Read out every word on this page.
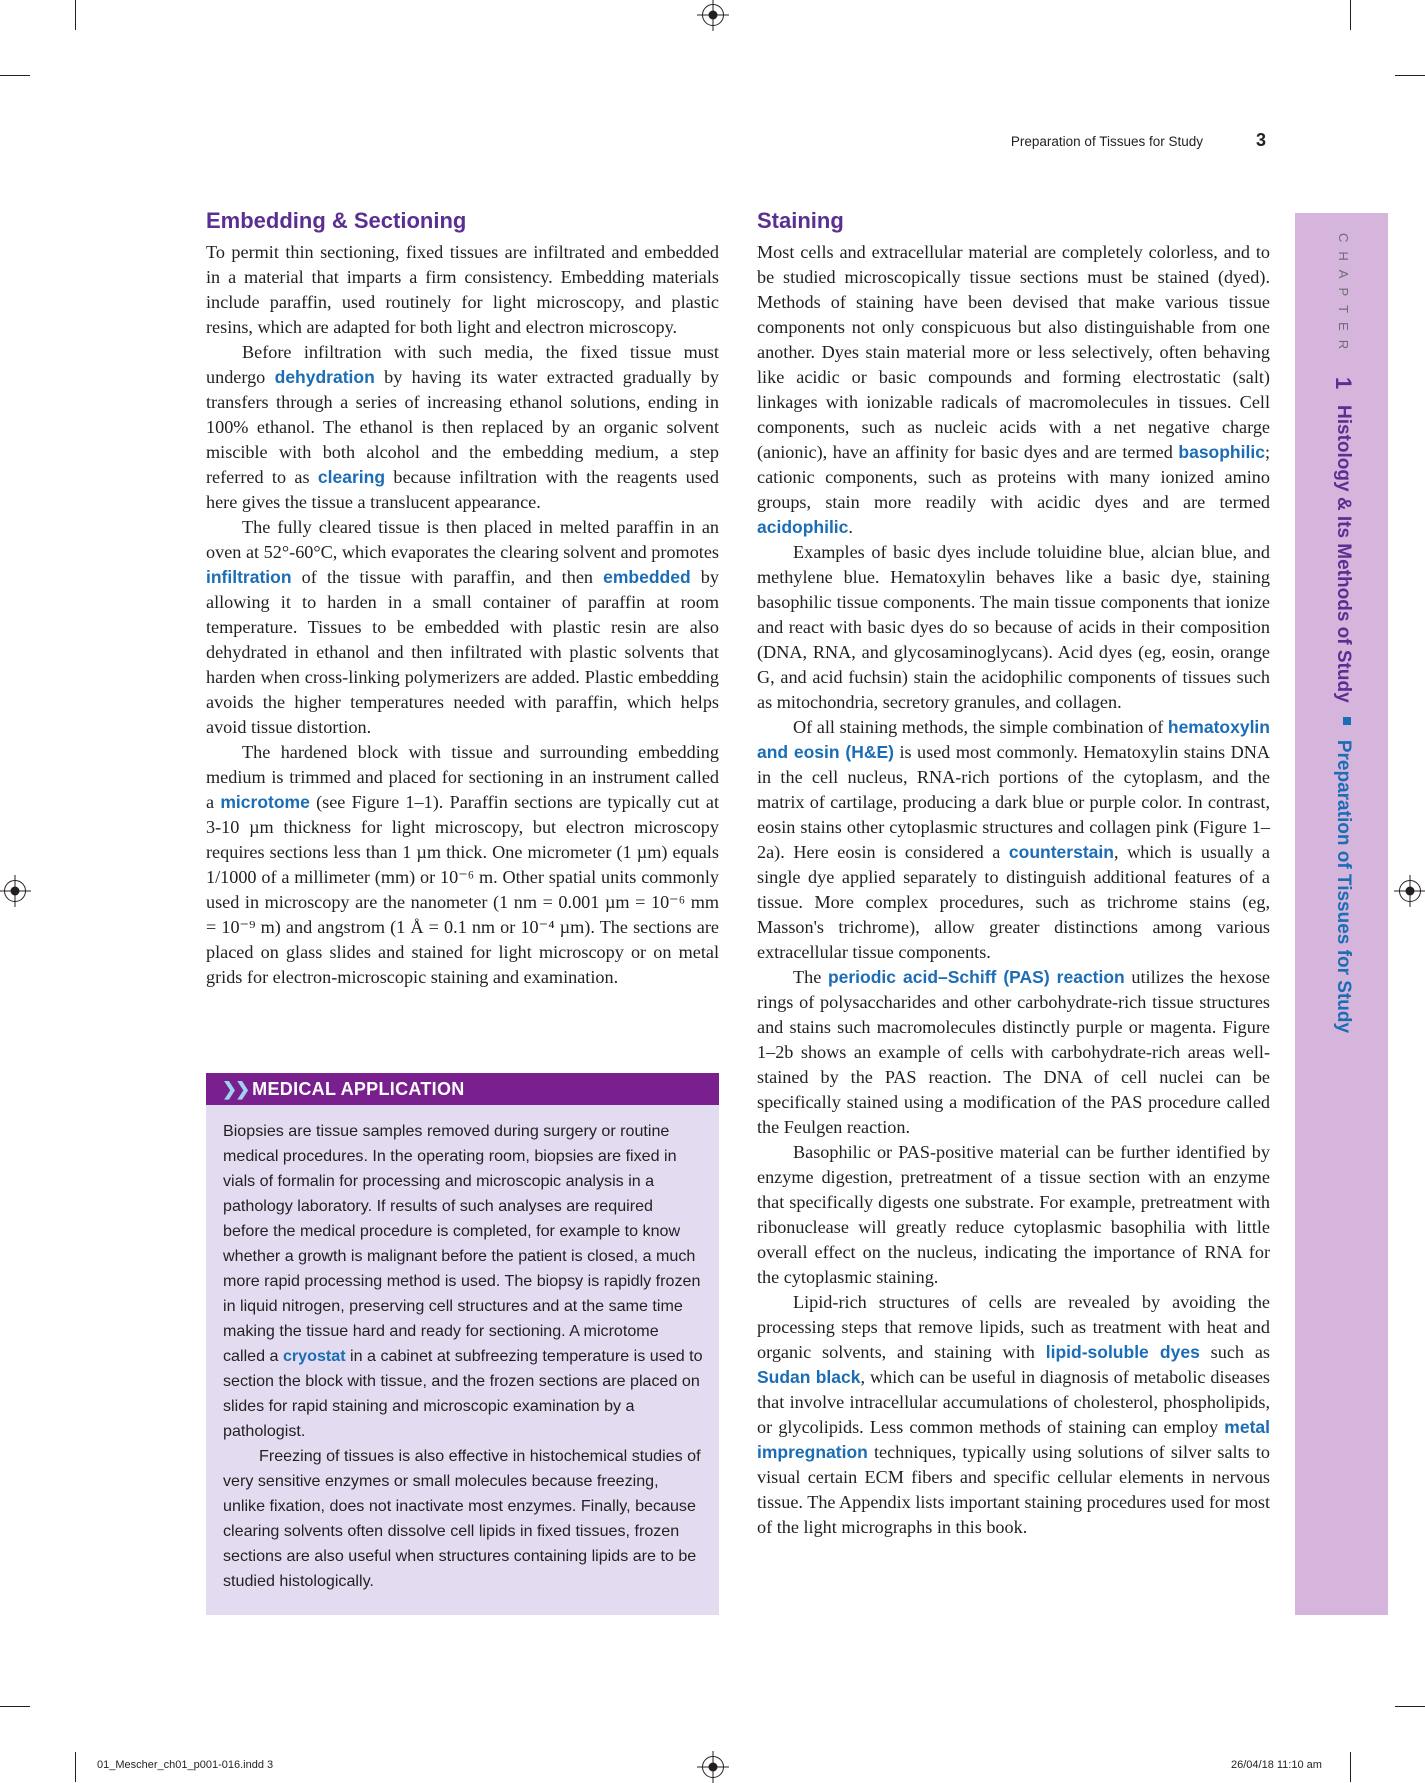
Preparation of Tissues for Study	3
Embedding & Sectioning

To permit thin sectioning, fixed tissues are infiltrated and embedded in a material that imparts a firm consistency. Embedding materials include paraffin, used routinely for light microscopy, and plastic resins, which are adapted for both light and electron microscopy.

Before infiltration with such media, the fixed tissue must undergo dehydration by having its water extracted gradually by transfers through a series of increasing ethanol solutions, ending in 100% ethanol. The ethanol is then replaced by an organic solvent miscible with both alcohol and the embedding medium, a step referred to as clearing because infiltration with the reagents used here gives the tissue a translucent appearance.

The fully cleared tissue is then placed in melted paraffin in an oven at 52°-60°C, which evaporates the clearing solvent and promotes infiltration of the tissue with paraffin, and then embedded by allowing it to harden in a small container of paraffin at room temperature. Tissues to be embedded with plastic resin are also dehydrated in ethanol and then infiltrated with plastic solvents that harden when cross-linking polymerizers are added. Plastic embedding avoids the higher temperatures needed with paraffin, which helps avoid tissue distortion.

The hardened block with tissue and surrounding embedding medium is trimmed and placed for sectioning in an instrument called a microtome (see Figure 1–1). Paraffin sections are typically cut at 3-10 µm thickness for light microscopy, but electron microscopy requires sections less than 1 µm thick. One micrometer (1 µm) equals 1/1000 of a millimeter (mm) or 10⁻⁶ m. Other spatial units commonly used in microscopy are the nanometer (1 nm = 0.001 µm = 10⁻⁶ mm = 10⁻⁹ m) and angstrom (1 Å = 0.1 nm or 10⁻⁴ µm). The sections are placed on glass slides and stained for light microscopy or on metal grids for electron-microscopic staining and examination.

❯❯ MEDICAL APPLICATION

Biopsies are tissue samples removed during surgery or routine medical procedures. In the operating room, biopsies are fixed in vials of formalin for processing and microscopic analysis in a pathology laboratory. If results of such analyses are required before the medical procedure is completed, for example to know whether a growth is malignant before the patient is closed, a much more rapid processing method is used. The biopsy is rapidly frozen in liquid nitrogen, preserving cell structures and at the same time making the tissue hard and ready for sectioning. A microtome called a cryostat in a cabinet at subfreezing temperature is used to section the block with tissue, and the frozen sections are placed on slides for rapid staining and microscopic examination by a pathologist.

Freezing of tissues is also effective in histochemical studies of very sensitive enzymes or small molecules because freezing, unlike fixation, does not inactivate most enzymes. Finally, because clearing solvents often dissolve cell lipids in fixed tissues, frozen sections are also useful when structures containing lipids are to be studied histologically.

Staining

Most cells and extracellular material are completely colorless, and to be studied microscopically tissue sections must be stained (dyed). Methods of staining have been devised that make various tissue components not only conspicuous but also distinguishable from one another. Dyes stain material more or less selectively, often behaving like acidic or basic compounds and forming electrostatic (salt) linkages with ionizable radicals of macromolecules in tissues. Cell components, such as nucleic acids with a net negative charge (anionic), have an affinity for basic dyes and are termed basophilic; cationic components, such as proteins with many ionized amino groups, stain more readily with acidic dyes and are termed acidophilic.

Examples of basic dyes include toluidine blue, alcian blue, and methylene blue. Hematoxylin behaves like a basic dye, staining basophilic tissue components. The main tissue components that ionize and react with basic dyes do so because of acids in their composition (DNA, RNA, and glycosaminoglycans). Acid dyes (eg, eosin, orange G, and acid fuchsin) stain the acidophilic components of tissues such as mitochondria, secretory granules, and collagen.

Of all staining methods, the simple combination of hematoxylin and eosin (H&E) is used most commonly. Hematoxylin stains DNA in the cell nucleus, RNA-rich portions of the cytoplasm, and the matrix of cartilage, producing a dark blue or purple color. In contrast, eosin stains other cytoplasmic structures and collagen pink (Figure 1–2a). Here eosin is considered a counterstain, which is usually a single dye applied separately to distinguish additional features of a tissue. More complex procedures, such as trichrome stains (eg, Masson's trichrome), allow greater distinctions among various extracellular tissue components.

The periodic acid–Schiff (PAS) reaction utilizes the hexose rings of polysaccharides and other carbohydrate-rich tissue structures and stains such macromolecules distinctly purple or magenta. Figure 1–2b shows an example of cells with carbohydrate-rich areas well-stained by the PAS reaction. The DNA of cell nuclei can be specifically stained using a modification of the PAS procedure called the Feulgen reaction.

Basophilic or PAS-positive material can be further identified by enzyme digestion, pretreatment of a tissue section with an enzyme that specifically digests one substrate. For example, pretreatment with ribonuclease will greatly reduce cytoplasmic basophilia with little overall effect on the nucleus, indicating the importance of RNA for the cytoplasmic staining.

Lipid-rich structures of cells are revealed by avoiding the processing steps that remove lipids, such as treatment with heat and organic solvents, and staining with lipid-soluble dyes such as Sudan black, which can be useful in diagnosis of metabolic diseases that involve intracellular accumulations of cholesterol, phospholipids, or glycolipids. Less common methods of staining can employ metal impregnation techniques, typically using solutions of silver salts to visual certain ECM fibers and specific cellular elements in nervous tissue. The Appendix lists important staining procedures used for most of the light micrographs in this book.

CHAPTER 1 Histology & Its Methods of Study  Preparation of Tissues for Study
01_Mescher_ch01_p001-016.indd 3	26/04/18 11:10 am
